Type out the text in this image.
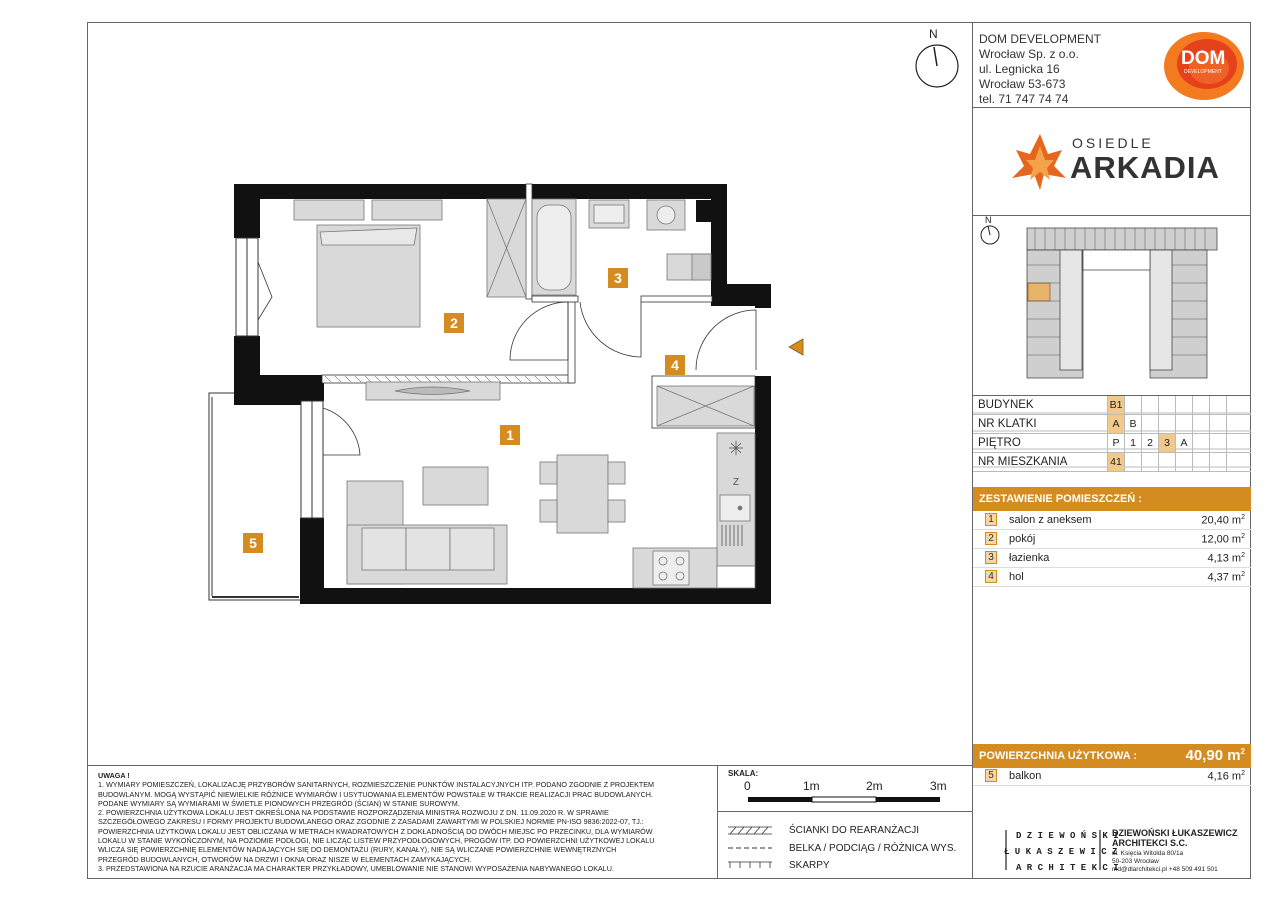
Z
D Z I E W O Ń S K I
Ł U K A S Z E W I C Z
A R C H I T E K C I
1
2
3
4
5
N
N
DOM DEVELOPMENT
Wrocław Sp. z o.o.
ul. Legnicka 16
Wrocław 53-673
tel. 71 747 74 74
DOM
DEVELOPMENT
OSIEDLE
ARKADIA
BUDYNEK	B1
NR KLATKI	A B
PIĘTRO	P	1	2	3	A
NR MIESZKANIA	41
ZESTAWIENIE POMIESZCZEŃ :
1 salon z aneksem	20,40 $m^2$
2 pokój	12,00 $m^2$
3 łazienka	4,13 $m^2$
4 hol	4,37 $m^2$
POWIERZCHNIA UŻYTKOWA :	40,90 $m^2$
5 balkon	4,16 $m^2$
UWAGA !
1. WYMIARY POMIESZCZEŃ, LOKALIZACJĘ PRZYBORÓW SANITARNYCH, ROZMIESZCZENIE PUNKTÓW INSTALACYJNYCH ITP. PODANO ZGODNIE Z PROJEKTEM
BUDOWLANYM. MOGĄ WYSTĄPIĆ NIEWIELKIE RÓŻNICE WYMIARÓW I USYTUOWANIA ELEMENTÓW POWSTAŁE W TRAKCIE REALIZACJI PRAC BUDOWLANYCH.
PODANE WYMIARY SĄ WYMIARAMI W ŚWIETLE PIONOWYCH PRZEGRÓD (ŚCIAN) W STANIE SUROWYM.
2. POWIERZCHNIA UŻYTKOWA LOKALU JEST OKREŚLONA NA PODSTAWIE ROZPORZĄDZENIA MINISTRA ROZWOJU Z DN. 11.09.2020 R. W SPRAWIE
SZCZEGÓŁOWEGO ZAKRESU I FORMY PROJEKTU BUDOWLANEGO ORAZ ZGODNIE Z ZASADAMI ZAWARTYMI W POLSKIEJ NORMIE PN-ISO 9836:2022-07, TJ.:
POWIERZCHNIA UŻYTKOWA LOKALU JEST OBLICZANA W METRACH KWADRATOWYCH Z DOKŁADNOŚCIĄ DO DWÓCH MIEJSC PO PRZECINKU, DLA WYMIARÓW
LOKALU W STANIE WYKOŃCZONYM, NA POZIOMIE PODŁOGI, NIE LICZĄC LISTEW PRZYPODŁOGOWYCH, PROGÓW ITP. DO POWIERZCHNI UŻYTKOWEJ LOKALU
WLICZA SIĘ POWIERZCHNIĘ ELEMENTÓW NADAJĄCYCH SIĘ DO DEMONTAŻU (RURY, KANAŁY), NIE SĄ WLICZANE POWIERZCHNIE WEWNĘTRZNYCH
PRZEGRÓD BUDOWLANYCH, OTWORÓW NA DRZWI I OKNA ORAZ NISZE W ELEMENTACH ZAMYKAJĄCYCH.
3. PRZEDSTAWIONA NA RZUCIE ARANŻACJA MA CHARAKTER PRZYKŁADOWY, UMEBLOWANIE NIE STANOWI WYPOSAŻENIA NABYWANEGO LOKALU.
SKALA:
0	1m	2m	3m
ŚCIANKI DO REARANŻACJI
BELKA / PODCIĄG / RÓŻNICA WYS.
SKARPY
DZIEWOŃSKI ŁUKASZEWICZ
ARCHITEKCI S.C.
ul. Księcia Witolda 80/1a
50-203 Wrocław
md@dlarchitekci.pl +48 509 491 501
